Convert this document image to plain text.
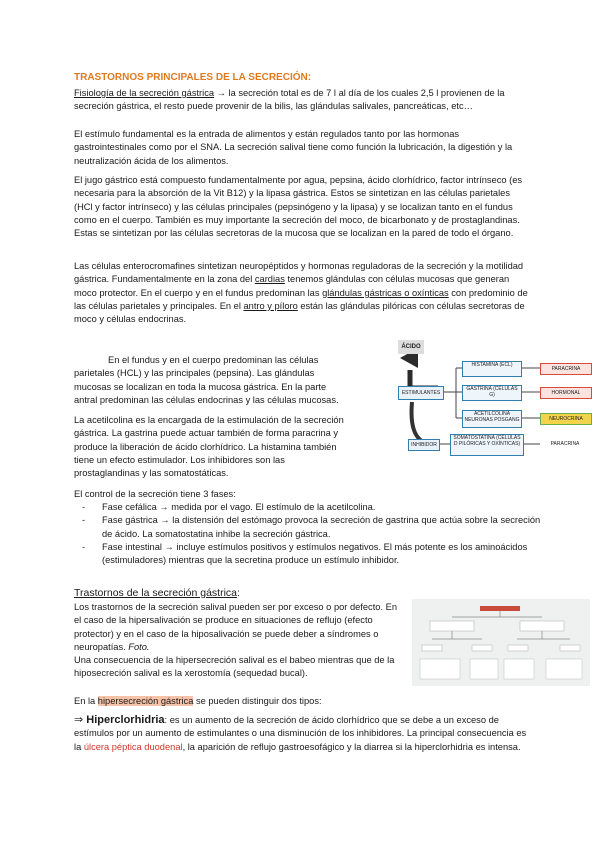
TRASTORNOS PRINCIPALES DE LA SECRECIÓN:

Fisiología de la secreción gástrica → la secreción total es de 7 l al día de los cuales 2,5 l provienen de la secreción gástrica, el resto puede provenir de la bilis, las glándulas salivales, pancreáticas, etc…

El estímulo fundamental es la entrada de alimentos y están regulados tanto por las hormonas gastrointestinales como por el SNA. La secreción salival tiene como función la lubricación, la digestión y la neutralización ácida de los alimentos.

El jugo gástrico está compuesto fundamentalmente por agua, pepsina, ácido clorhídrico, factor intrínseco (es necesaria para la absorción de la Vit B12) y la lipasa gástrica. Estos se sintetizan en las células parietales (HCl y factor intrínseco) y las células principales (pepsinógeno y la lipasa) y se localizan tanto en el fundus como en el cuerpo. También es muy importante la secreción del moco, de bicarbonato y de prostaglandinas. Estas se sintetizan por las células secretoras de la mucosa que se localizan en la pared de todo el órgano.

Las células enterocromafines sintetizan neuropéptidos y hormonas reguladoras de la secreción y la motilidad gástrica. Fundamentalmente en la zona del cardias tenemos glándulas con células mucosas que generan moco protector. En el cuerpo y en el fundus predominan las glándulas gástricas o oxínticas con predominio de las células parietales y principales. En el antro y píloro están las glándulas pilóricas con células secretoras de moco y células endocrinas.

En el fundus y en el cuerpo predominan las células parietales (HCL) y las principales (pepsina). Las glándulas mucosas se localizan en toda la mucosa gástrica. En la parte antral predominan las células endocrinas y las células mucosas.

La acetilcolina es la encargada de la estimulación de la secreción gástrica. La gastrina puede actuar también de forma paracrina y produce la liberación de ácido clorhídrico. La histamina también tiene un efecto estimulador. Los inhibidores son las prostaglandinas y las somatostáticas.

ÁCIDO
ESTIMULANTES
INHIBIDOR
HISTAMINA (ECL)
GASTRINA (CÉLULAS G)
ACETILCOLINA NEURONAS POSGANG
SOMATOSTATINA (CÉLULAS D PILÓRICAS Y OXÍNTICAS)
PARACRINA
HORMONAL
NEUROCRINA
PARACRINA

El control de la secreción tiene 3 fases:

- Fase cefálica → medida por el vago. El estímulo de la acetilcolina.
- Fase gástrica → la distensión del estómago provoca la secreción de gastrina que actúa sobre la secreción de ácido. La somatostatina inhibe la secreción gástrica.
- Fase intestinal → incluye estímulos positivos y estímulos negativos. El más potente es los aminoácidos (estimuladores) mientras que la secretina produce un estímulo inhibidor.

Trastornos de la secreción gástrica:

Los trastornos de la secreción salival pueden ser por exceso o por defecto. En el caso de la hipersalivación se produce en situaciones de reflujo (efecto protector) y en el caso de la hiposalivación se puede deber a síndromes o neuropatías. Foto.

Una consecuencia de la hipersecreción salival es el babeo mientras que de la hiposecreción salival es la xerostomía (sequedad bucal).

En la hipersecreción gástrica se pueden distinguir dos tipos:

⇒ Hiperclorhidria: es un aumento de la secreción de ácido clorhídrico que se debe a un exceso de estímulos por un aumento de estimulantes o una disminución de los inhibidores. La principal consecuencia es la úlcera péptica duodenal, la aparición de reflujo gastroesofágico y la diarrea si la hiperclorhidria es intensa.
